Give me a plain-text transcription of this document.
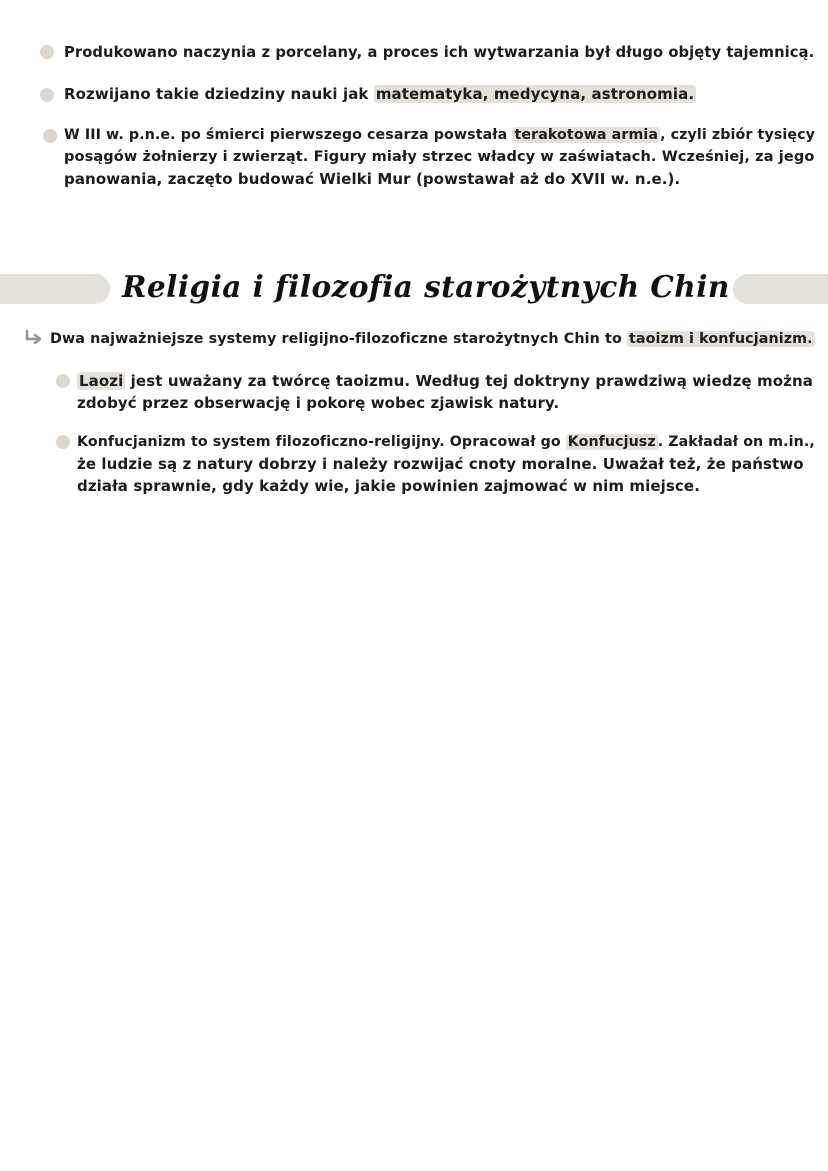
Produkowano naczynia z porcelany, a proces ich wytwarzania był długo objęty tajemnicą.
Rozwijano takie dziedziny nauki jak matematyka, medycyna, astronomia.
W III w. p.n.e. po śmierci pierwszego cesarza powstała terakotowa armia , czyli zbiór tysięcy
posągów żołnierzy i zwierząt. Figury miały strzec władcy w zaświatach. Wcześniej, za jego
panowania, zaczęto budować Wielki Mur (powstawał aż do XVII w. n.e.).
Religia i filozofia starożytnych Chin
Dwa najważniejsze systemy religijno-filozoficzne starożytnych Chin to taoizm i konfucjanizm.
Laozi jest uważany za twórcę taoizmu. Według tej doktryny prawdziwą wiedzę można
zdobyć przez obserwację i pokorę wobec zjawisk natury.
Konfucjanizm to system filozoficzno-religijny. Opracował go Konfucjusz . Zakładał on m.in.,
że ludzie są z natury dobrzy i należy rozwijać cnoty moralne. Uważał też, że państwo
działa sprawnie, gdy każdy wie, jakie powinien zajmować w nim miejsce.
